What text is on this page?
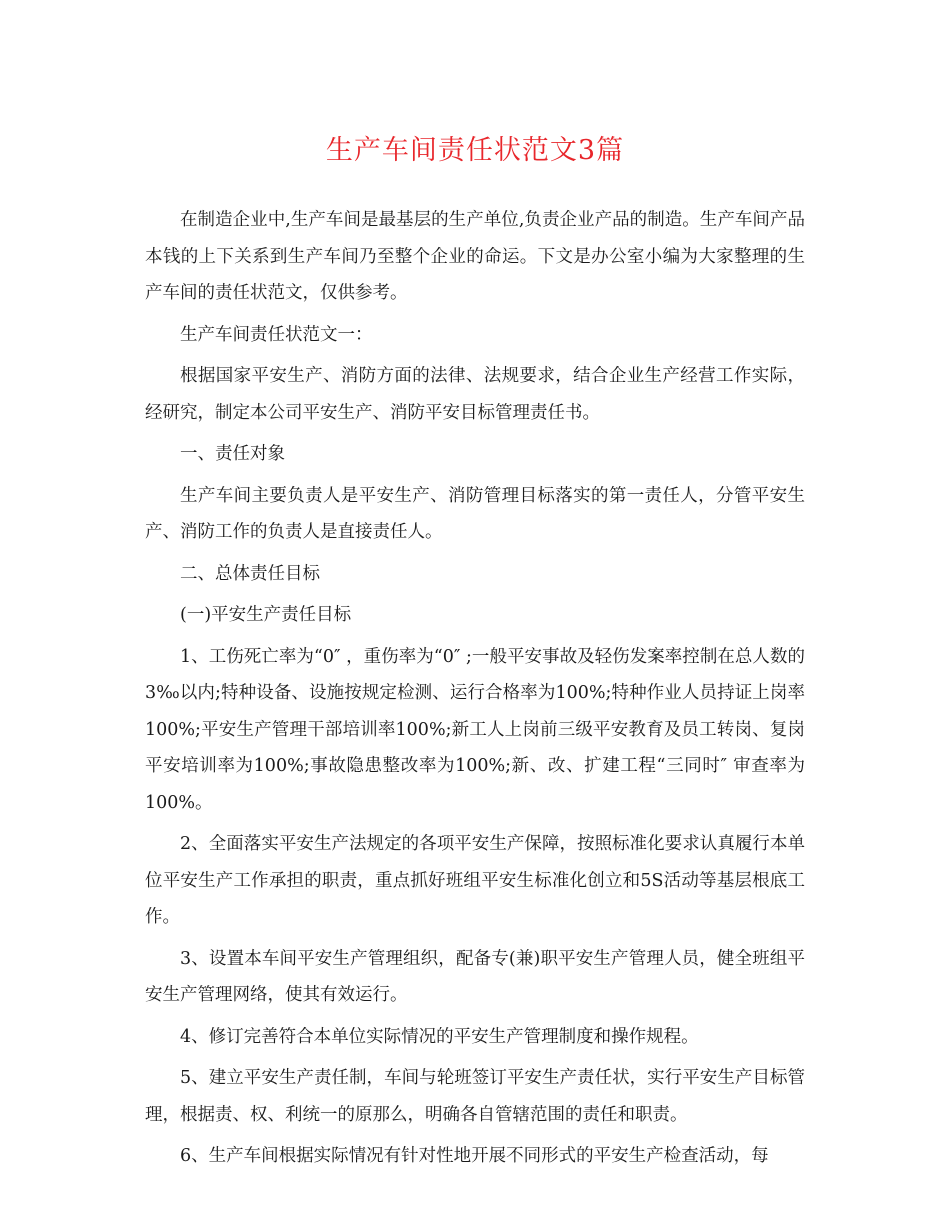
生产车间责任状范文3篇

在制造企业中,生产车间是最基层的生产单位,负责企业产品的制造。生产车间产品本钱的上下关系到生产车间乃至整个企业的命运。下文是办公室小编为大家整理的生产车间的责任状范文，仅供参考。

生产车间责任状范文一：

根据国家平安生产、消防方面的法律、法规要求，结合企业生产经营工作实际，经研究，制定本公司平安生产、消防平安目标管理责任书。

一、责任对象

生产车间主要负责人是平安生产、消防管理目标落实的第一责任人，分管平安生产、消防工作的负责人是直接责任人。

二、总体责任目标

(一)平安生产责任目标

1、工伤死亡率为“0″ ，重伤率为“0″ ;一般平安事故及轻伤发案率控制在总人数的3‰以内;特种设备、设施按规定检测、运行合格率为100%;特种作业人员持证上岗率100%;平安生产管理干部培训率100%;新工人上岗前三级平安教育及员工转岗、复岗平安培训率为100%;事故隐患整改率为100%;新、改、扩建工程“三同时″ 审查率为100%。

2、全面落实平安生产法规定的各项平安生产保障，按照标准化要求认真履行本单位平安生产工作承担的职责，重点抓好班组平安生标准化创立和5S活动等基层根底工作。

3、设置本车间平安生产管理组织，配备专(兼)职平安生产管理人员，健全班组平安生产管理网络，使其有效运行。

4、修订完善符合本单位实际情况的平安生产管理制度和操作规程。

5、建立平安生产责任制，车间与轮班签订平安生产责任状，实行平安生产目标管理，根据责、权、利统一的原那么，明确各自管辖范围的责任和职责。

6、生产车间根据实际情况有针对性地开展不同形式的平安生产检查活动，每
